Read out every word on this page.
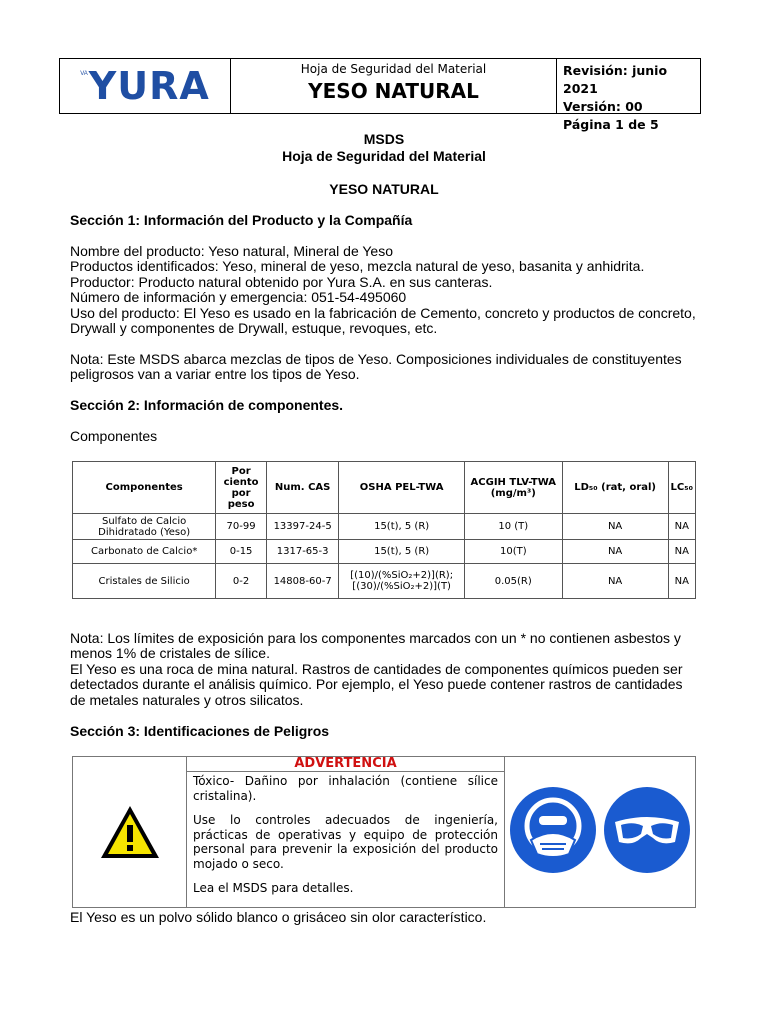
VA YURA	Hoja de Seguridad del Material
YESO NATURAL
Revisión: junio 2021
Versión: 00
Página 1 de 5
MSDS
Hoja de Seguridad del Material
YESO NATURAL
Sección 1: Información del Producto y la Compañía
Nombre del producto: Yeso natural, Mineral de Yeso
Productos identificados: Yeso, mineral de yeso, mezcla natural de yeso, basanita y anhidrita.
Productor: Producto natural obtenido por Yura S.A. en sus canteras.
Número de información y emergencia: 051-54-495060
Uso del producto: El Yeso es usado en la fabricación de Cemento, concreto y productos de concreto,
Drywall y componentes de Drywall, estuque, revoques, etc.
Nota: Este MSDS abarca mezclas de tipos de Yeso. Composiciones individuales de constituyentes
peligrosos van a variar entre los tipos de Yeso.
Sección 2: Información de componentes.
Componentes
Componentes	Por ciento por peso	Num. CAS	OSHA PEL-TWA	ACGIH TLV-TWA (mg/m³)	LD₅₀ (rat, oral)	LC₅₀
Sulfato de Calcio Dihidratado (Yeso)	70-99	13397-24-5	15(t), 5 (R)	10 (T)	NA	NA
Carbonato de Calcio*	0-15	1317-65-3	15(t), 5 (R)	10(T)	NA	NA
Cristales de Silicio	0-2	14808-60-7	[(10)/(%SiO₂+2)](R); [(30)/(%SiO₂+2)](T)	0.05(R)	NA	NA
Nota: Los límites de exposición para los componentes marcados con un * no contienen asbestos y
menos 1% de cristales de sílice.
El Yeso es una roca de mina natural. Rastros de cantidades de componentes químicos pueden ser
detectados durante el análisis químico. Por ejemplo, el Yeso puede contener rastros de cantidades
de metales naturales y otros silicatos.
Sección 3: Identificaciones de Peligros
ADVERTENCIA

Tóxico- Dañino por inhalación (contiene sílice cristalina).

Use lo controles adecuados de ingeniería, prácticas de operativas y equipo de protección personal para prevenir la exposición del producto mojado o seco.

Lea el MSDS para detalles.

El Yeso es un polvo sólido blanco o grisáceo sin olor característico.
